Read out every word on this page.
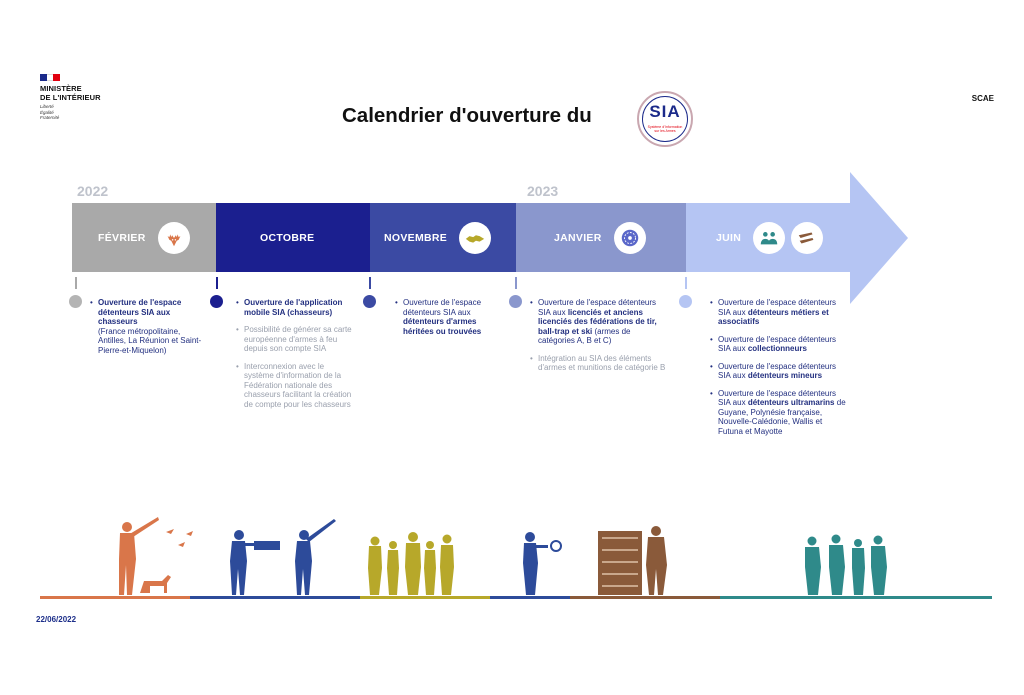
MINISTÈRE
DE L'INTÉRIEUR
Liberté
Égalité
Fraternité
SCAE
Calendrier d'ouverture du	SIA
Système d'Information sur les Armes
2022	2023
FÉVRIER	OCTOBRE	NOVEMBRE	JANVIER	JUIN
• Ouverture de l'espace détenteurs SIA aux chasseurs
(France métropolitaine, Antilles, La Réunion et Saint-Pierre-et-Miquelon)
• Ouverture de l'application mobile SIA (chasseurs)
• Possibilité de générer sa carte européenne d'armes à feu depuis son compte SIA
• Interconnexion avec le système d'information de la Fédération nationale des chasseurs facilitant la création de compte pour les chasseurs
• Ouverture de l'espace détenteurs SIA aux détenteurs d'armes héritées ou trouvées
• Ouverture de l'espace détenteurs SIA aux licenciés et anciens licenciés des fédérations de tir, ball-trap et ski (armes de catégories A, B et C)
• Intégration au SIA des éléments d'armes et munitions de catégorie B
• Ouverture de l'espace détenteurs SIA aux détenteurs métiers et associatifs
• Ouverture de l'espace détenteurs SIA aux collectionneurs
• Ouverture de l'espace détenteurs SIA aux détenteurs mineurs
• Ouverture de l'espace détenteurs SIA aux détenteurs ultramarins de Guyane, Polynésie française, Nouvelle-Calédonie, Wallis et Futuna et Mayotte
22/06/2022
